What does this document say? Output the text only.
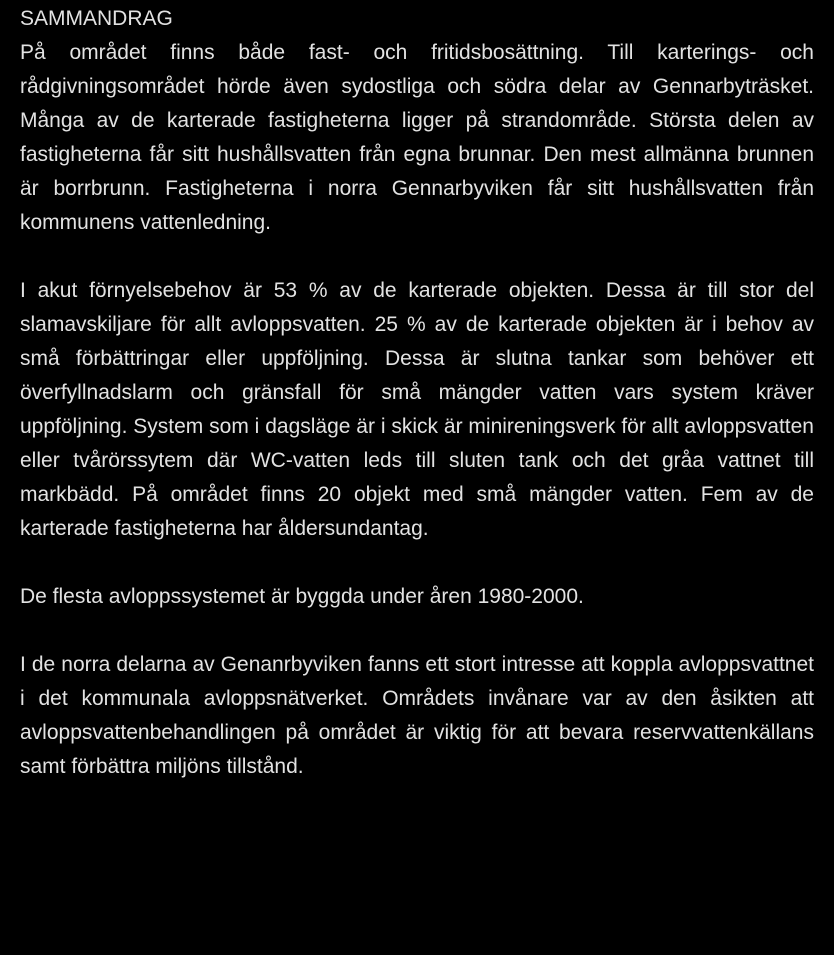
SAMMANDRAG

På området finns både fast- och fritidsbosättning. Till karterings- och rådgivningsområdet hörde även sydostliga och södra delar av Gennarbyträsket. Många av de karterade fastigheterna ligger på strandområde. Största delen av fastigheterna får sitt hushållsvatten från egna brunnar. Den mest allmänna brunnen är borrbrunn. Fastigheterna i norra Gennarbyviken får sitt hushållsvatten från kommunens vattenledning.

I akut förnyelsebehov är 53 % av de karterade objekten. Dessa är till stor del slamavskiljare för allt avloppsvatten. 25 % av de karterade objekten är i behov av små förbättringar eller uppföljning. Dessa är slutna tankar som behöver ett överfyllnadslarm och gränsfall för små mängder vatten vars system kräver uppföljning. System som i dagsläge är i skick är minireningsverk för allt avloppsvatten eller tvårörssytem där WC-vatten leds till sluten tank och det gråa vattnet till markbädd. På området finns 20 objekt med små mängder vatten. Fem av de karterade fastigheterna har åldersundantag.

De flesta avloppssystemet är byggda under åren 1980-2000.

I de norra delarna av Genanrbyviken fanns ett stort intresse att koppla avloppsvattnet i det kommunala avloppsnätverket. Områdets invånare var av den åsikten att avloppsvattenbehandlingen på området är viktig för att bevara reservvattenkällans samt förbättra miljöns tillstånd.
